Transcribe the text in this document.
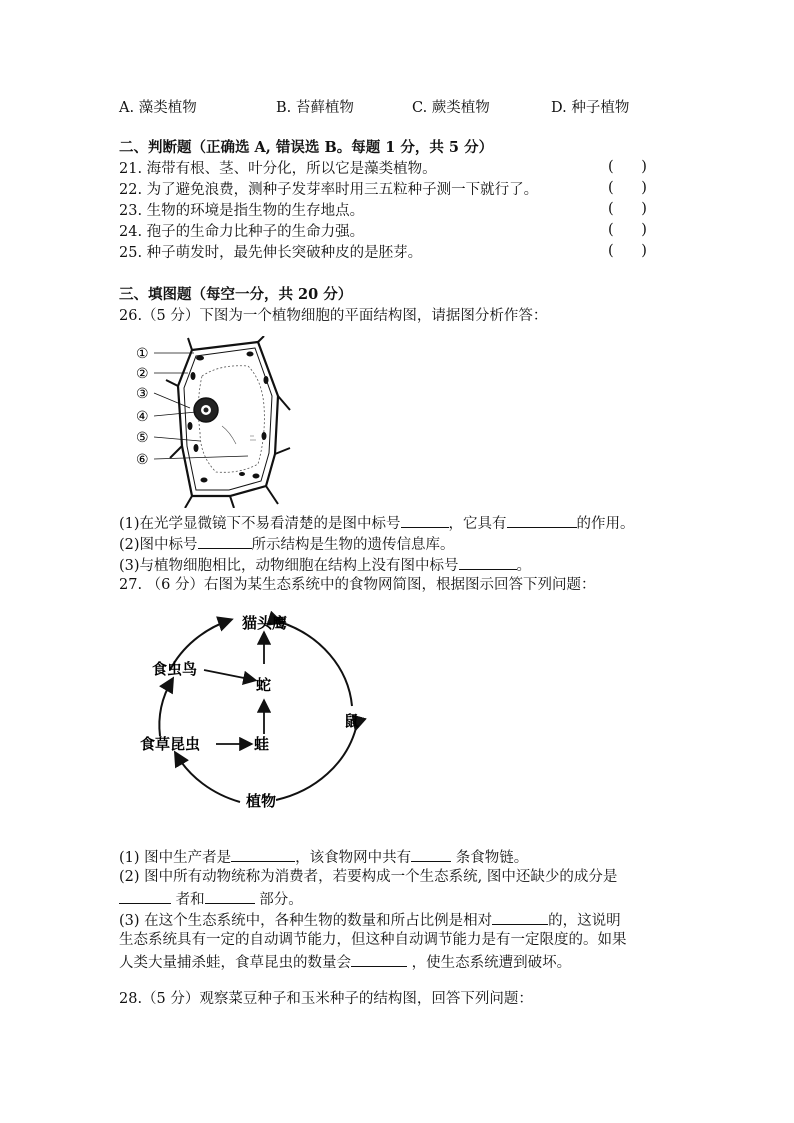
A. 藻类植物	B. 苔藓植物	C. 蕨类植物	D. 种子植物
二、判断题（正确选 A, 错误选 B。每题 1 分，共 5 分）
21. 海带有根、茎、叶分化，所以它是藻类植物。	(      )
22. 为了避免浪费，测种子发芽率时用三五粒种子测一下就行了。	(      )
23. 生物的环境是指生物的生存地点。	(      )
24. 孢子的生命力比种子的生命力强。	(      )
25. 种子萌发时，最先伸长突破种皮的是胚芽。	(      )
三、填图题（每空一分，共 20 分）
26.（5 分）下图为一个植物细胞的平面结构图，请据图分析作答：
①
②
③
④
⑤
⑥
(1)在光学显微镜下不易看清楚的是图中标号	，它具有	的作用。
(2)图中标号	所示结构是生物的遗传信息库。
(3)与植物细胞相比，动物细胞在结构上没有图中标号	。
27. （6 分）右图为某生态系统中的食物网简图，根据图示回答下列问题：
猫头鹰
食虫鸟
蛇
鼠
食草昆虫	蛙
植物
(1) 图中生产者是	，该食物网中共有	条食物链。
(2) 图中所有动物统称为消费者，若要构成一个生态系统, 图中还缺少的成分是
者和	部分。
(3) 在这个生态系统中，各种生物的数量和所占比例是相对	的，这说明
生态系统具有一定的自动调节能力，但这种自动调节能力是有一定限度的。如果
人类大量捕杀蛙，食草昆虫的数量会	，使生态系统遭到破坏。
28.（5 分）观察菜豆种子和玉米种子的结构图，回答下列问题：
